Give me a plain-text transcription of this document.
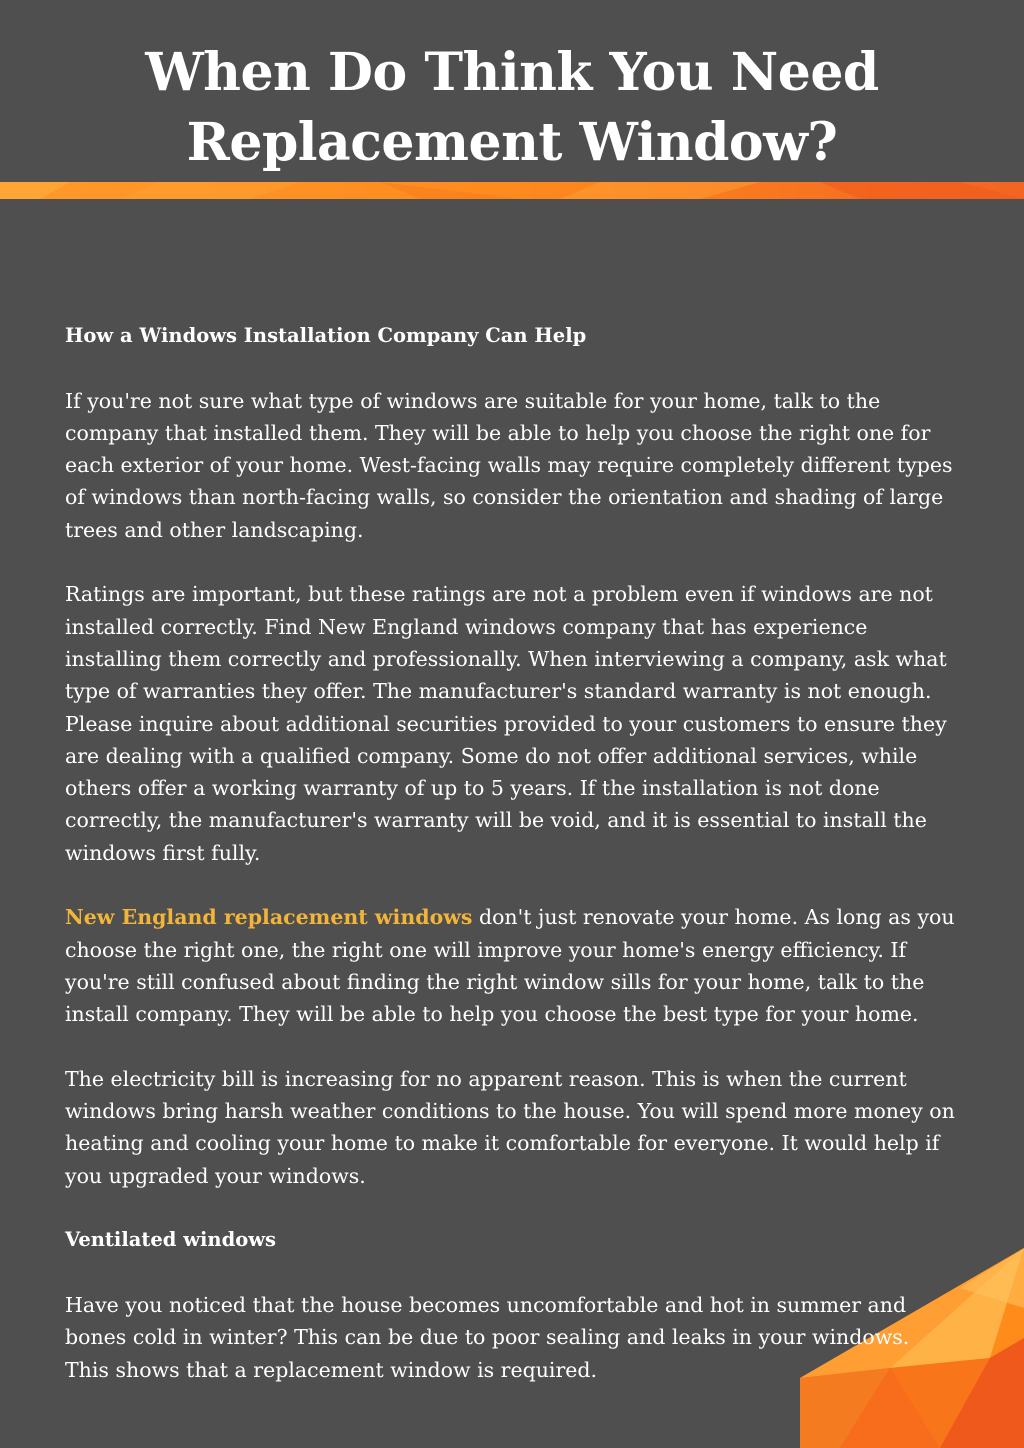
When Do Think You Need Replacement Window?

How a Windows Installation Company Can Help

If you're not sure what type of windows are suitable for your home, talk to the company that installed them. They will be able to help you choose the right one for each exterior of your home. West-facing walls may require completely different types of windows than north-facing walls, so consider the orientation and shading of large trees and other landscaping.

Ratings are important, but these ratings are not a problem even if windows are not installed correctly. Find New England windows company that has experience installing them correctly and professionally. When interviewing a company, ask what type of warranties they offer. The manufacturer's standard warranty is not enough. Please inquire about additional securities provided to your customers to ensure they are dealing with a qualified company. Some do not offer additional services, while others offer a working warranty of up to 5 years. If the installation is not done correctly, the manufacturer's warranty will be void, and it is essential to install the windows first fully.

New England replacement windows don't just renovate your home. As long as you choose the right one, the right one will improve your home's energy efficiency. If you're still confused about finding the right window sills for your home, talk to the install company. They will be able to help you choose the best type for your home.

The electricity bill is increasing for no apparent reason. This is when the current windows bring harsh weather conditions to the house. You will spend more money on heating and cooling your home to make it comfortable for everyone. It would help if you upgraded your windows.

Ventilated windows

Have you noticed that the house becomes uncomfortable and hot in summer and bones cold in winter? This can be due to poor sealing and leaks in your windows. This shows that a replacement window is required.
